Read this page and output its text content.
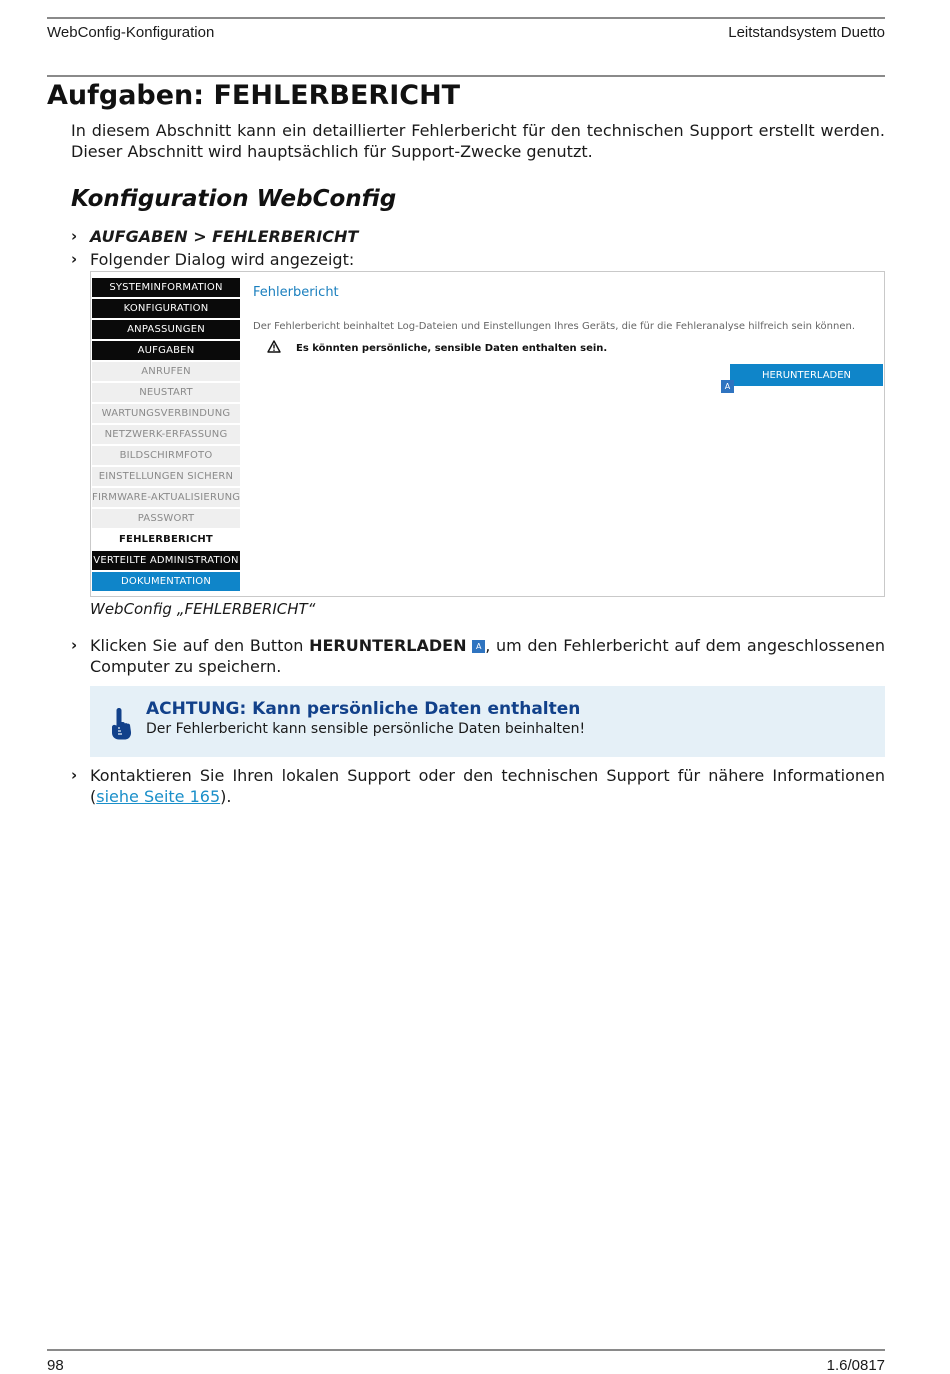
WebConfig-Konfiguration	Leitstandsystem Duetto
Aufgaben: FEHLERBERICHT

In diesem Abschnitt kann ein detaillierter Fehlerbericht für den technischen Support erstellt werden. Dieser Abschnitt wird hauptsächlich für Support-Zwecke genutzt.

Konfiguration WebConfig
› AUFGABEN > FEHLERBERICHT
› Folgender Dialog wird angezeigt:
SYSTEMINFORMATION
KONFIGURATION
ANPASSUNGEN
AUFGABEN
ANRUFEN
NEUSTART
WARTUNGSVERBINDUNG
NETZWERK-ERFASSUNG
BILDSCHIRMFOTO
EINSTELLUNGEN SICHERN
FIRMWARE-AKTUALISIERUNG
PASSWORT
FEHLERBERICHT
VERTEILTE ADMINISTRATION
DOKUMENTATION
Fehlerbericht
Der Fehlerbericht beinhaltet Log-Dateien und Einstellungen Ihres Geräts, die für die Fehleranalyse hilfreich sein können.
Es könnten persönliche, sensible Daten enthalten sein.
HERUNTERLADEN
A
WebConfig „FEHLERBERICHT“
› Klicken Sie auf den Button HERUNTERLADEN A , um den Fehlerbericht auf dem angeschlossenen Computer zu speichern.
ACHTUNG: Kann persönliche Daten enthalten
Der Fehlerbericht kann sensible persönliche Daten beinhalten!
› Kontaktieren Sie Ihren lokalen Support oder den technischen Support für nähere Informationen (siehe Seite 165).
98	1.6/0817
